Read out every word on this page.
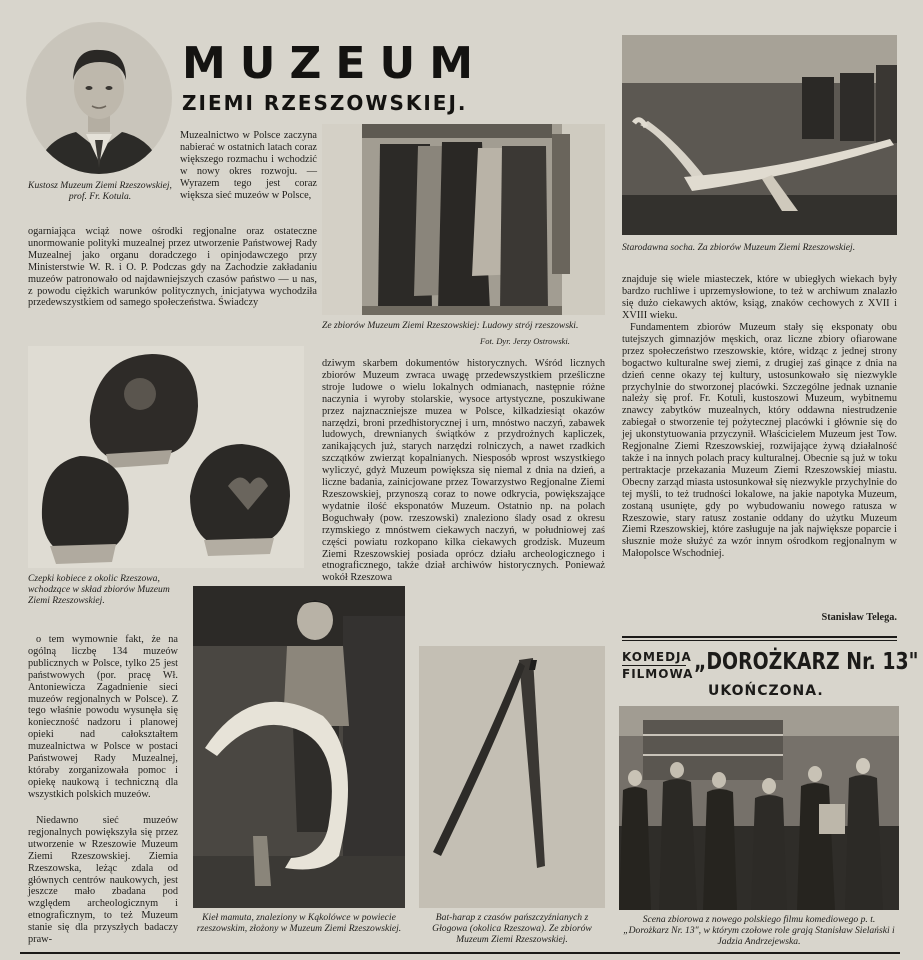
Kustosz Muzeum Ziemi Rzeszowskiej, prof. Fr. Kotula.
MUZEUM
ZIEMI RZESZOWSKIEJ.
Muzealnictwo w Polsce zaczyna nabierać w ostatnich latach coraz większego rozmachu i wchodzić w nowy okres rozwoju. — Wyrazem tego jest coraz większa sieć muzeów w Polsce,
ogarniająca wciąż nowe ośrodki regjonalne oraz ostateczne unormowanie polityki muzealnej przez utworzenie Państwowej Rady Muzealnej jako organu doradczego i opinjodawczego przy Ministerstwie W. R. i O. P. Podczas gdy na Zachodzie zakładaniu muzeów patronowało od najdawniejszych czasów państwo — u nas, z powodu ciężkich warunków politycznych, inicjatywa wychodziła przedewszystkiem od samego społeczeństwa. Świadczy
Ze zbiorów Muzeum Ziemi Rzeszowskiej: Ludowy strój rzeszowski.
Fot. Dyr. Jerzy Ostrowski.
Starodawna socha. Za zbiorów Muzeum Ziemi Rzeszowskiej.
znajduje się wiele miasteczek, które w ubiegłych wiekach były bardzo ruchliwe i uprzemysłowione, to też w archiwum znalazło się dużo ciekawych aktów, ksiąg, znaków cechowych z XVII i XVIII wieku.
Fundamentem zbiorów Muzeum stały się eksponaty obu tutejszych gimnazjów męskich, oraz liczne zbiory ofiarowane przez społeczeństwo rzeszowskie, które, widząc z jednej strony bogactwo kulturalne swej ziemi, z drugiej zaś ginące z dnia na dzień cenne okazy tej kultury, ustosunkowało się niezwykle przychylnie do stworzonej placówki. Szczególne jednak uznanie należy się prof. Fr. Kotuli, kustoszowi Muzeum, wybitnemu znawcy zabytków muzealnych, który oddawna niestrudzenie zabiegał o stworzenie tej pożytecznej placówki i głównie się do jej ukonstytuowania przyczynił. Właścicielem Muzeum jest Tow. Regjonalne Ziemi Rzeszowskiej, rozwijające żywą działalność także i na innych polach pracy kulturalnej. Obecnie są już w toku pertraktacje przekazania Muzeum Ziemi Rzeszowskiej miastu. Obecny zarząd miasta ustosunkował się niezwykle przychylnie do tej myśli, to też trudności lokalowe, na jakie napotyka Muzeum, zostaną usunięte, gdy po wybudowaniu nowego ratusza w Rzeszowie, stary ratusz zostanie oddany do użytku Muzeum Ziemi Rzeszowskiej, które zasługuje na jak największe poparcie i słusznie może służyć za wzór innym ośrodkom regjonalnym w Małopolsce Wschodniej.
Stanisław Telega.
Czepki kobiece z okolic Rzeszowa, wchodzące w skład zbiorów Muzeum Ziemi Rzeszowskiej.
o tem wymownie fakt, że na ogólną liczbę 134 muzeów publicznych w Polsce, tylko 25 jest państwowych (por. pracę Wł. Antoniewicza Zagadnienie sieci muzeów regjonalnych w Polsce). Z tego właśnie powodu wysunęła się konieczność nadzoru i planowej opieki nad całokształtem muzealnictwa w Polsce w postaci Państwowej Rady Muzealnej, któraby zorganizowała pomoc i opiekę naukową i techniczną dla wszystkich polskich muzeów.
Niedawno sieć muzeów regjonalnych powiększyła się przez utworzenie w Rzeszowie Muzeum Ziemi Rzeszowskiej. Ziemia Rzeszowska, leżąc zdala od głównych centrów naukowych, jest jeszcze mało zbadana pod względem archeologicznym i etnograficznym, to też Muzeum stanie się dla przyszłych badaczy praw-
dziwym skarbem dokumentów historycznych. Wśród licznych zbiorów Muzeum zwraca uwagę przedewszystkiem prześliczne stroje ludowe o wielu lokalnych odmianach, następnie różne naczynia i wyroby stolarskie, wysoce artystyczne, poszukiwane przez najznaczniejsze muzea w Polsce, kilkadziesiąt okazów narzędzi, broni przedhistorycznej i urn, mnóstwo naczyń, zabawek ludowych, drewnianych świątków z przydrożnych kapliczek, zanikających już, starych narzędzi rolniczych, a nawet rzadkich szczątków zwierząt kopalnianych. Niesposób wprost wszystkiego wyliczyć, gdyż Muzeum powiększa się niemal z dnia na dzień, a liczne badania, zainicjowane przez Towarzystwo Regjonalne Ziemi Rzeszowskiej, przynoszą coraz to nowe odkrycia, powiększające wydatnie ilość eksponatów Muzeum. Ostatnio np. na polach Boguchwały (pow. rzeszowski) znaleziono ślady osad z okresu rzymskiego z mnóstwem ciekawych naczyń, w południowej zaś części powiatu rozkopano kilka ciekawych grodzisk. Muzeum Ziemi Rzeszowskiej posiada oprócz działu archeologicznego i etnograficznego, także dział archiwów historycznych. Ponieważ wokół Rzeszowa
Kieł mamuta, znaleziony w Kąkolówce w powiecie rzeszowskim, złożony w Muzeum Ziemi Rzeszowskiej.
Bat-harap z czasów pańszczyźnianych z Głogowa (okolica Rzeszowa). Ze zbiorów Muzeum Ziemi Rzeszowskiej.
KOMEDJA
FILMOWA „DOROŻKARZ Nr. 13"
UKOŃCZONA.
Scena zbiorowa z nowego polskiego filmu komediowego p. t. „Dorożkarz Nr. 13", w którym czołowe role grają Stanisław Sielański i Jadzia Andrzejewska.
